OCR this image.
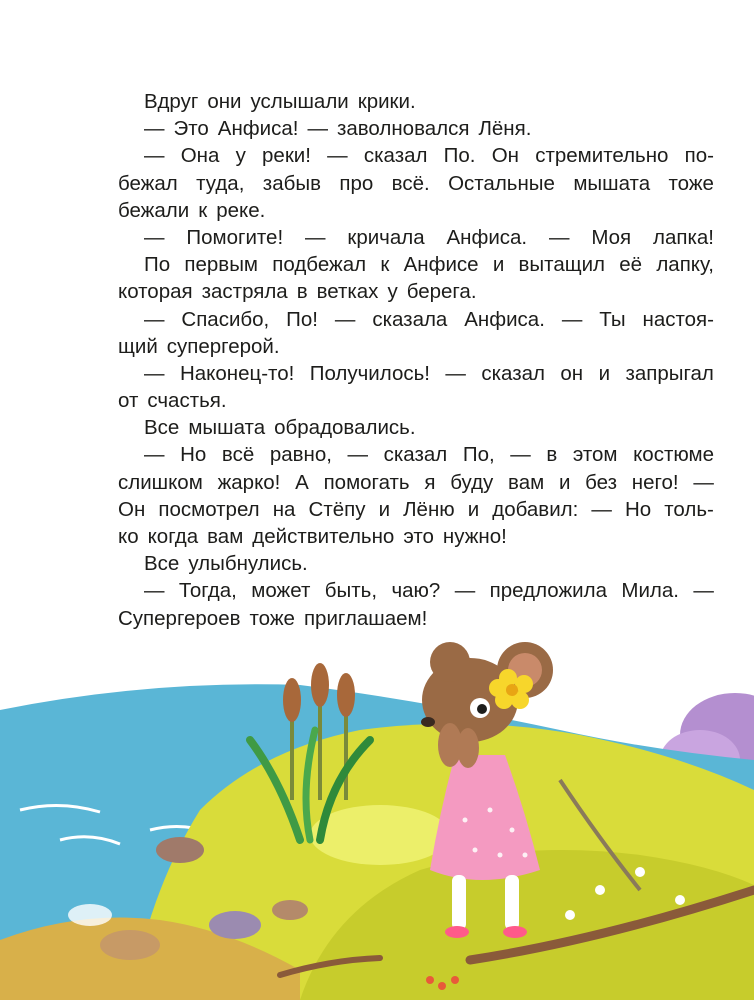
Вдруг они услышали крики.
— Это Анфиса! — заволновался Лёня.
— Она у реки! — сказал По. Он стремительно по-
бежал туда, забыв про всё. Остальные мышата тоже
бежали к реке.
— Помогите! — кричала Анфиса. — Моя лапка!
По первым подбежал к Анфисе и вытащил её лапку,
которая застряла в ветках у берега.
— Спасибо, По! — сказала Анфиса. — Ты настоя-
щий супергерой.
— Наконец-то! Получилось! — сказал он и запрыгал
от счастья.
Все мышата обрадовались.
— Но всё равно, — сказал По, — в этом костюме
слишком жарко! А помогать я буду вам и без него! —
Он посмотрел на Стёпу и Лёню и добавил: — Но толь-
ко когда вам действительно это нужно!
Все улыбнулись.
— Тогда, может быть, чаю? — предложила Мила. —
Супергероев тоже приглашаем!
